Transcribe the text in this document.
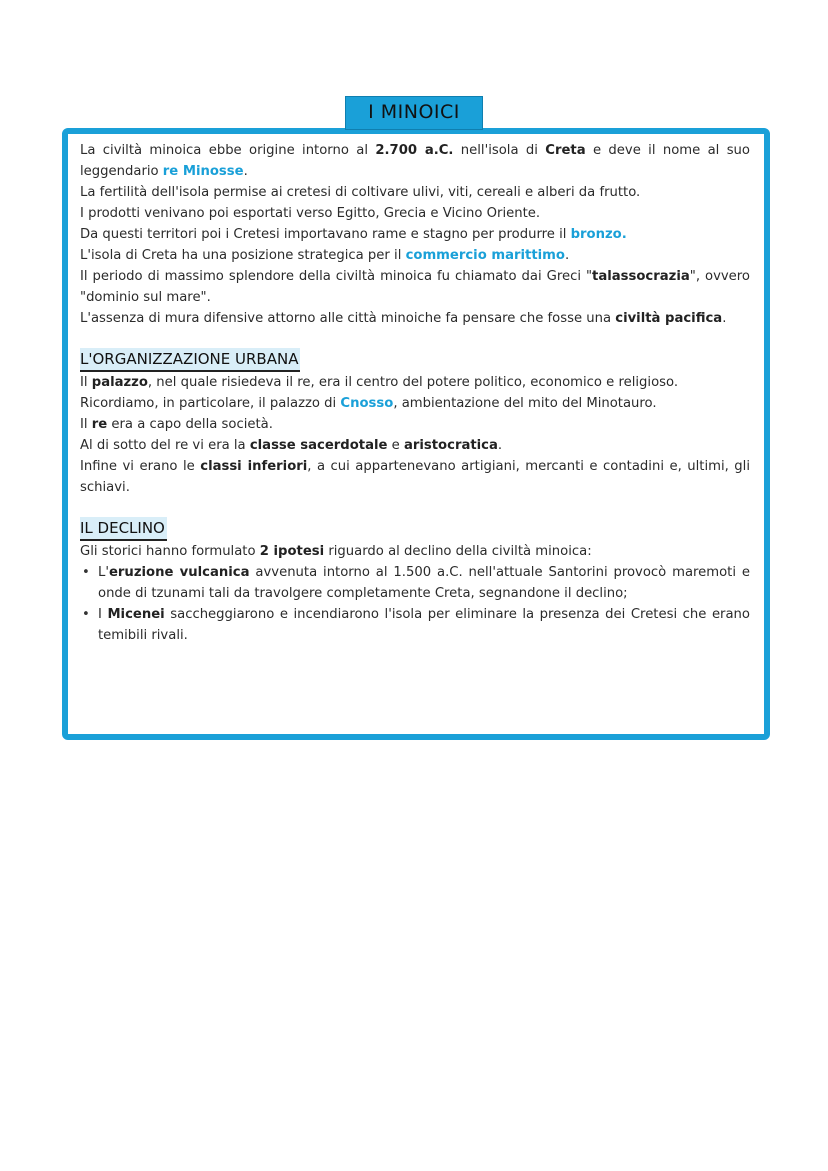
I MINOICI

La civiltà minoica ebbe origine intorno al 2.700 a.C. nell'isola di Creta e deve il nome al suo leggendario re Minosse.

La fertilità dell'isola permise ai cretesi di coltivare ulivi, viti, cereali e alberi da frutto.

I prodotti venivano poi esportati verso Egitto, Grecia e Vicino Oriente.

Da questi territori poi i Cretesi importavano rame e stagno per produrre il bronzo.

L'isola di Creta ha una posizione strategica per il commercio marittimo.

Il periodo di massimo splendore della civiltà minoica fu chiamato dai Greci "talassocrazia", ovvero "dominio sul mare".

L'assenza di mura difensive attorno alle città minoiche fa pensare che fosse una civiltà pacifica.

L'ORGANIZZAZIONE URBANA

Il palazzo, nel quale risiedeva il re, era il centro del potere politico, economico e religioso.

Ricordiamo, in particolare, il palazzo di Cnosso, ambientazione del mito del Minotauro.

Il re era a capo della società.

Al di sotto del re vi era la classe sacerdotale e aristocratica.

Infine vi erano le classi inferiori, a cui appartenevano artigiani, mercanti e contadini e, ultimi, gli schiavi.

IL DECLINO

Gli storici hanno formulato 2 ipotesi riguardo al declino della civiltà minoica:

• L'eruzione vulcanica avvenuta intorno al 1.500 a.C. nell'attuale Santorini provocò maremoti e onde di tzunami tali da travolgere completamente Creta, segnandone il declino;
• I Micenei saccheggiarono e incendiarono l'isola per eliminare la presenza dei Cretesi che erano temibili rivali.
